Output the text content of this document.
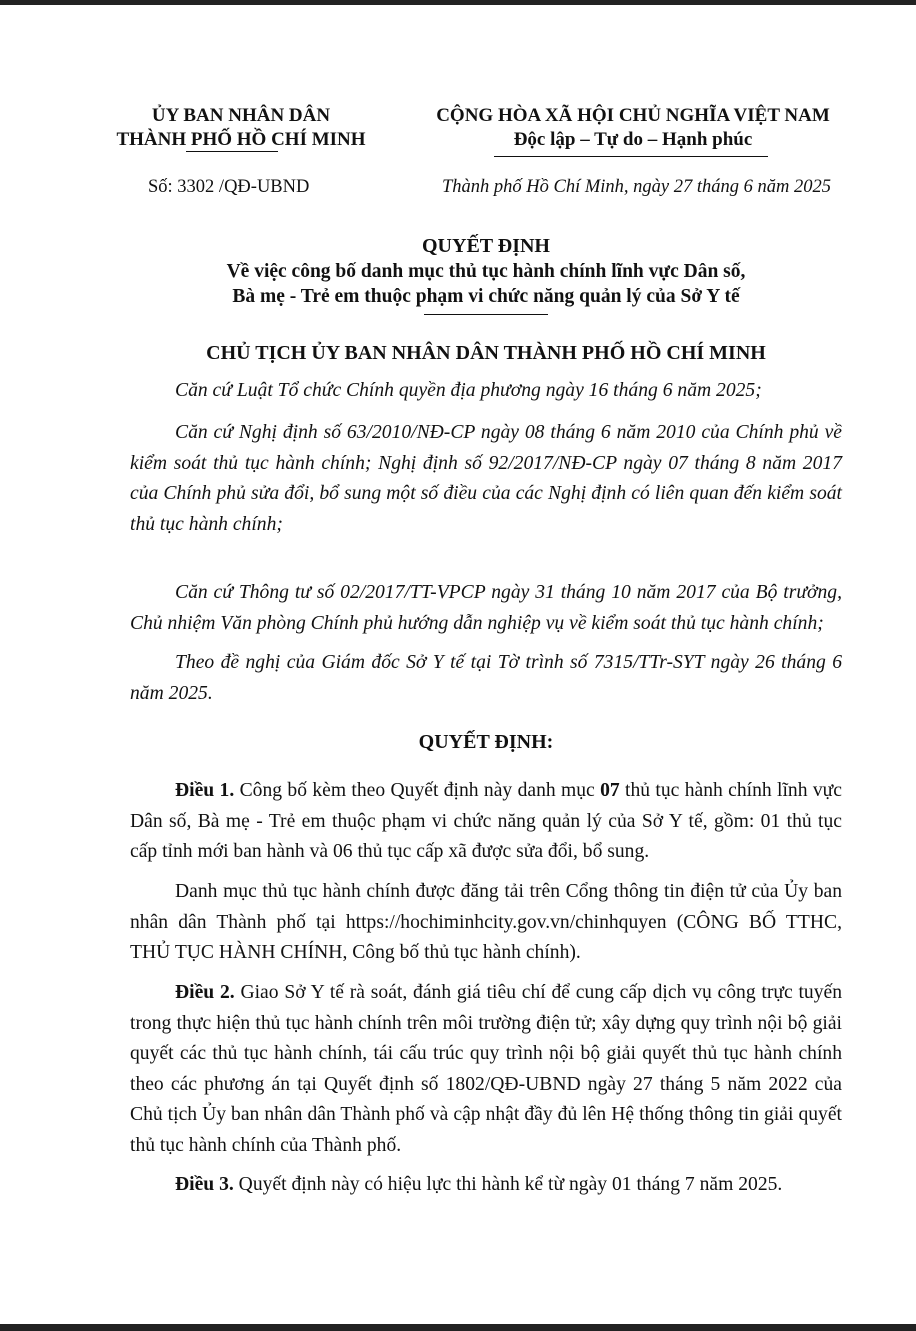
ỦY BAN NHÂN DÂN
THÀNH PHỐ HỒ CHÍ MINH
CỘNG HÒA XÃ HỘI CHỦ NGHĨA VIỆT NAM
Độc lập – Tự do – Hạnh phúc
Số: 3302 /QĐ-UBND	Thành phố Hồ Chí Minh, ngày 27 tháng 6 năm 2025
QUYẾT ĐỊNH
Về việc công bố danh mục thủ tục hành chính lĩnh vực Dân số,
Bà mẹ - Trẻ em thuộc phạm vi chức năng quản lý của Sở Y tế
CHỦ TỊCH ỦY BAN NHÂN DÂN THÀNH PHỐ HỒ CHÍ MINH
Căn cứ Luật Tổ chức Chính quyền địa phương ngày 16 tháng 6 năm 2025;
Căn cứ Nghị định số 63/2010/NĐ-CP ngày 08 tháng 6 năm 2010 của Chính phủ về kiểm soát thủ tục hành chính; Nghị định số 92/2017/NĐ-CP ngày 07 tháng 8 năm 2017 của Chính phủ sửa đổi, bổ sung một số điều của các Nghị định có liên quan đến kiểm soát thủ tục hành chính;
Căn cứ Thông tư số 02/2017/TT-VPCP ngày 31 tháng 10 năm 2017 của Bộ trưởng, Chủ nhiệm Văn phòng Chính phủ hướng dẫn nghiệp vụ về kiểm soát thủ tục hành chính;
Theo đề nghị của Giám đốc Sở Y tế tại Tờ trình số 7315/TTr-SYT ngày 26 tháng 6 năm 2025.
QUYẾT ĐỊNH:
Điều 1. Công bố kèm theo Quyết định này danh mục 07 thủ tục hành chính lĩnh vực Dân số, Bà mẹ - Trẻ em thuộc phạm vi chức năng quản lý của Sở Y tế, gồm: 01 thủ tục cấp tỉnh mới ban hành và 06 thủ tục cấp xã được sửa đổi, bổ sung.
Danh mục thủ tục hành chính được đăng tải trên Cổng thông tin điện tử của Ủy ban nhân dân Thành phố tại https://hochiminhcity.gov.vn/chinhquyen (CÔNG BỐ TTHC, THỦ TỤC HÀNH CHÍNH, Công bố thủ tục hành chính).
Điều 2. Giao Sở Y tế rà soát, đánh giá tiêu chí để cung cấp dịch vụ công trực tuyến trong thực hiện thủ tục hành chính trên môi trường điện tử; xây dựng quy trình nội bộ giải quyết các thủ tục hành chính, tái cấu trúc quy trình nội bộ giải quyết thủ tục hành chính theo các phương án tại Quyết định số 1802/QĐ-UBND ngày 27 tháng 5 năm 2022 của Chủ tịch Ủy ban nhân dân Thành phố và cập nhật đầy đủ lên Hệ thống thông tin giải quyết thủ tục hành chính của Thành phố.
Điều 3. Quyết định này có hiệu lực thi hành kể từ ngày 01 tháng 7 năm 2025.
